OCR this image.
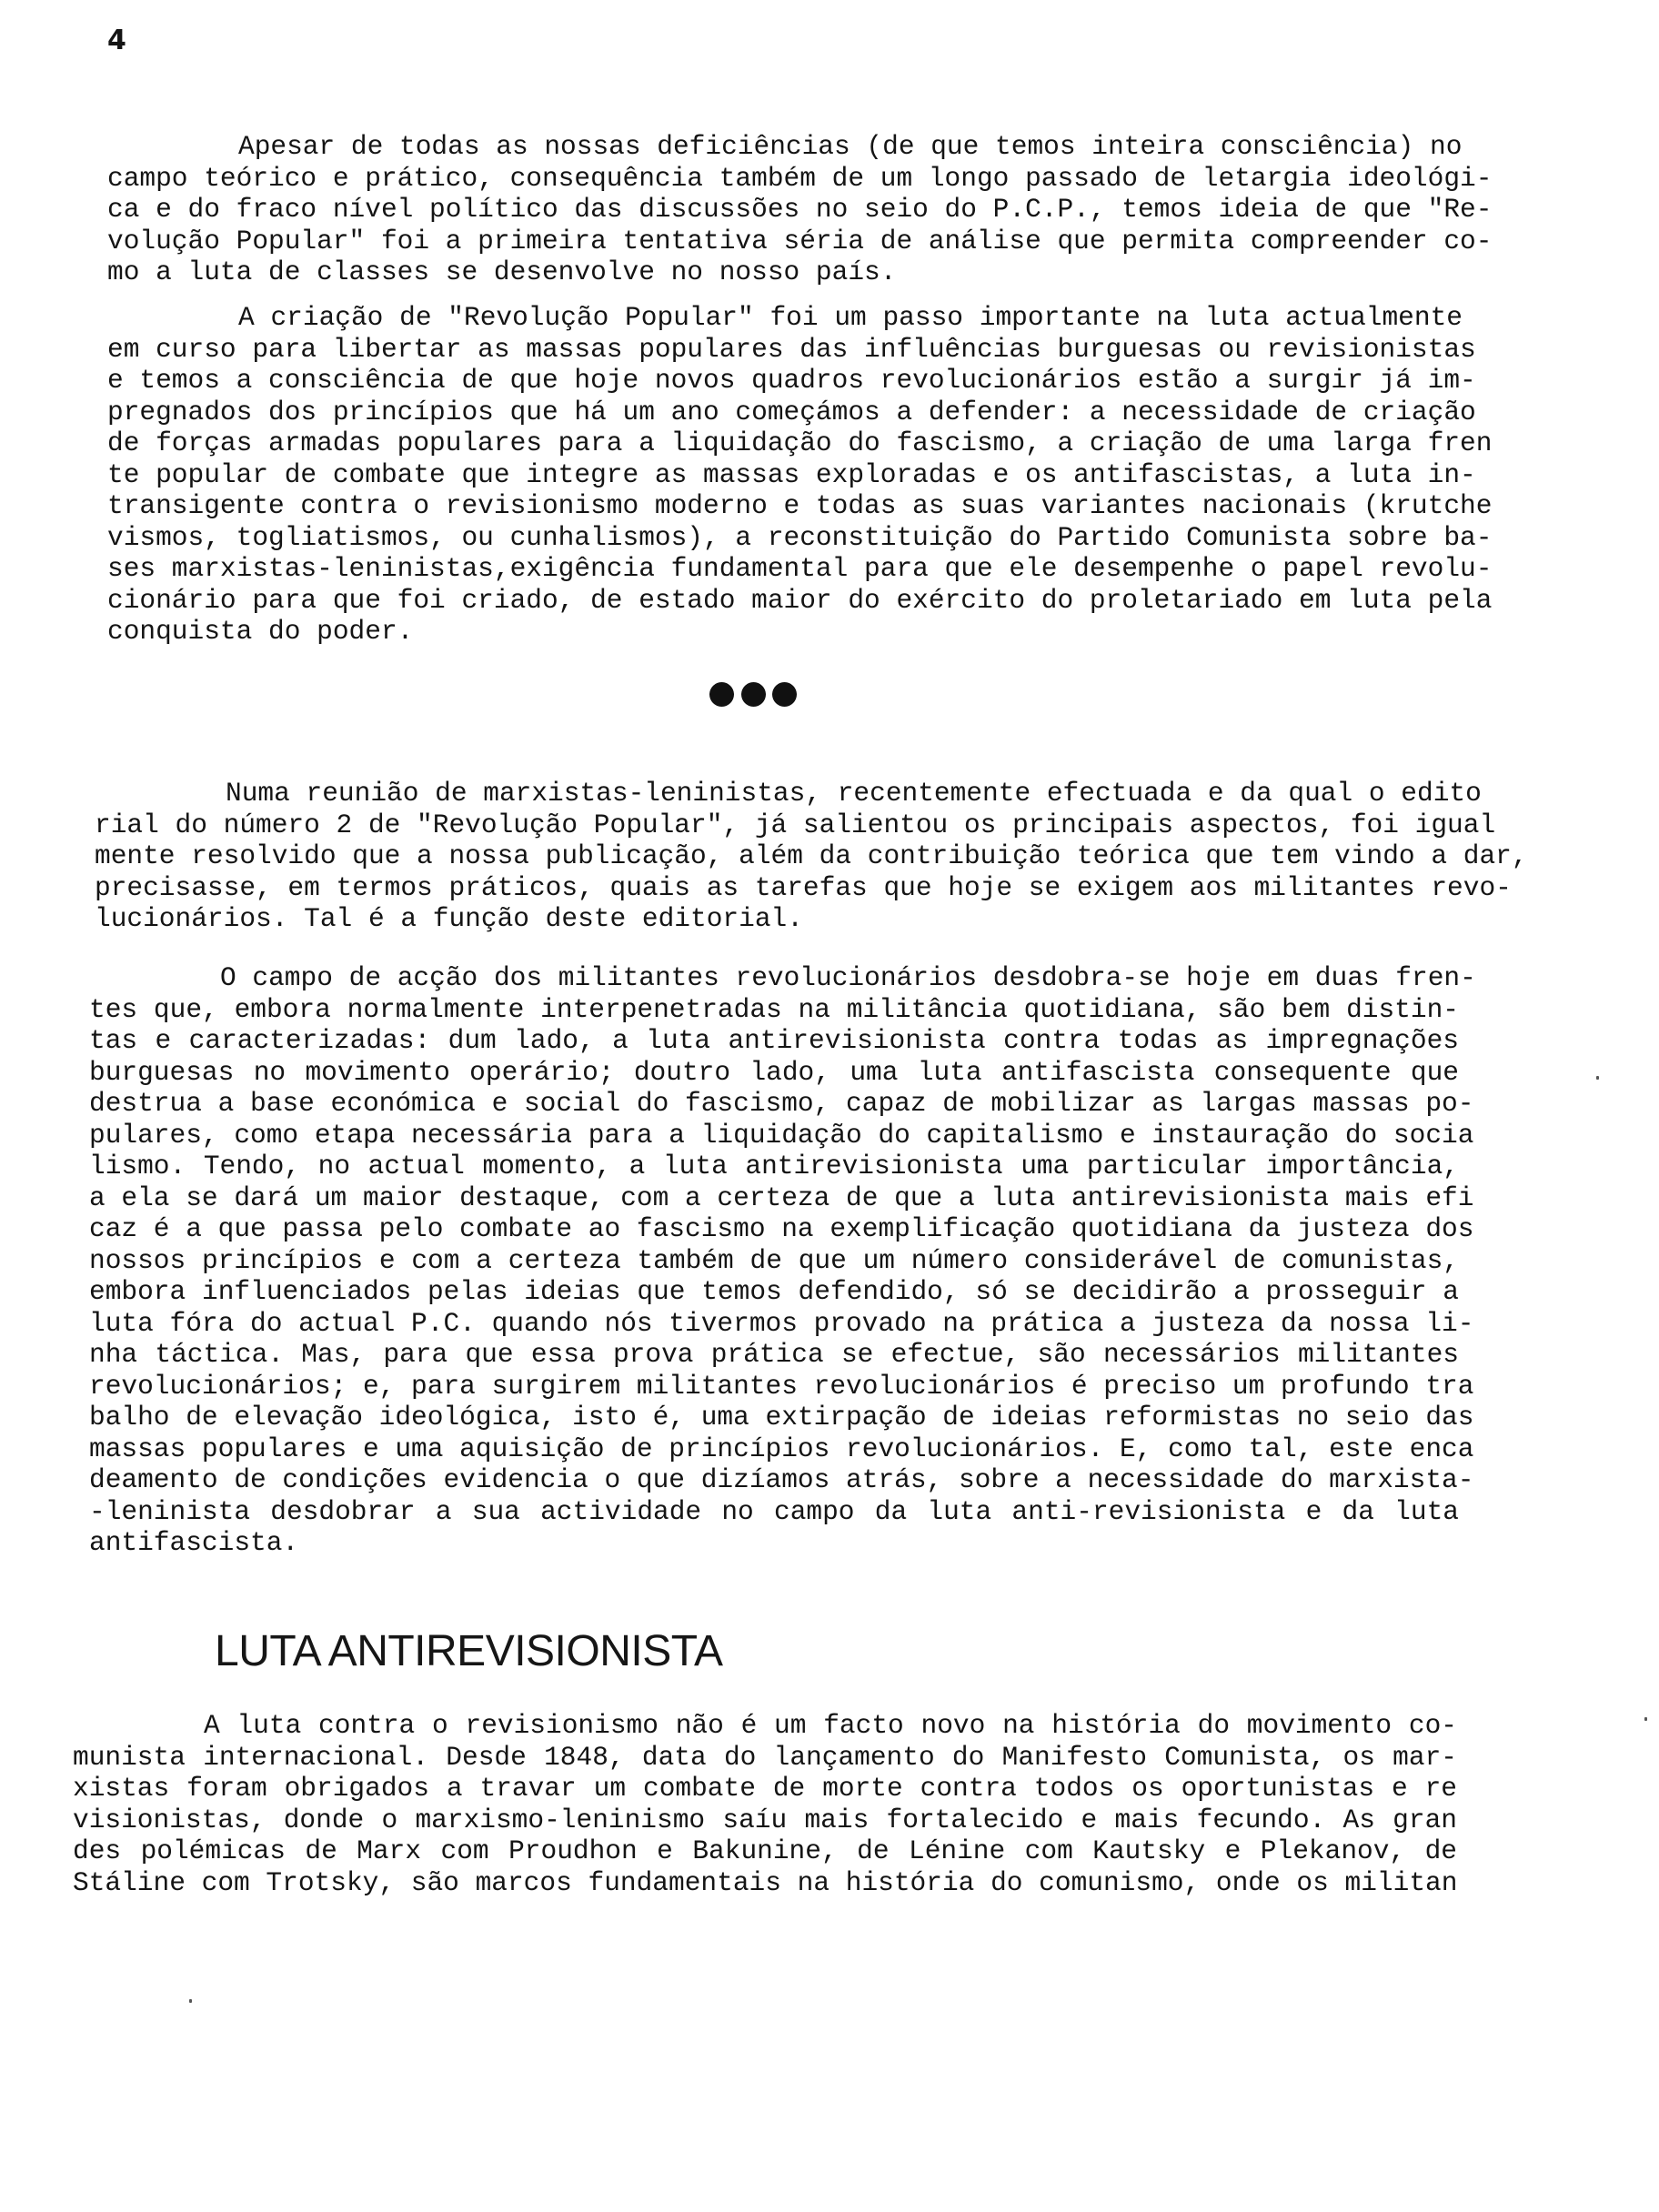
4
Apesar de todas as nossas deficiências (de que temos inteira consciência) no
campo teórico e prático, consequência também de um longo passado de letargia ideológi-
ca e do fraco nível político das discussões no seio do P.C.P., temos ideia de que "Re-
volução Popular" foi a primeira tentativa séria de análise que permita compreender co-
mo a luta de classes se desenvolve no nosso país.
A criação de "Revolução Popular" foi um passo importante na luta actualmente
em curso para libertar as massas populares das influências burguesas ou revisionistas
e temos a consciência de que hoje novos quadros revolucionários estão a surgir já im-
pregnados dos princípios que há um ano começámos a defender: a necessidade de criação
de forças armadas populares para a liquidação do fascismo, a criação de uma larga fren
te popular de combate que integre as massas exploradas e os antifascistas, a luta in-
transigente contra o revisionismo moderno e todas as suas variantes nacionais (krutche
vismos, togliatismos, ou cunhalismos), a reconstituição do Partido Comunista sobre ba-
ses marxistas-leninistas,exigência fundamental para que ele desempenhe o papel revolu-
cionário para que foi criado, de estado maior do exército do proletariado em luta pela
conquista do poder.
Numa reunião de marxistas-leninistas, recentemente efectuada e da qual o edito
rial do número 2 de "Revolução Popular", já salientou os principais aspectos, foi igual
mente resolvido que a nossa publicação, além da contribuição teórica que tem vindo a dar,
precisasse, em termos práticos, quais as tarefas que hoje se exigem aos militantes revo-
lucionários. Tal é a função deste editorial.
O campo de acção dos militantes revolucionários desdobra-se hoje em duas fren-
tes que, embora normalmente interpenetradas na militância quotidiana, são bem distin-
tas e caracterizadas: dum lado, a luta antirevisionista contra todas as impregnações
burguesas no movimento operário; doutro lado, uma luta antifascista consequente que
destrua a base económica e social do fascismo, capaz de mobilizar as largas massas po-
pulares, como etapa necessária para a liquidação do capitalismo e instauração do socia
lismo. Tendo, no actual momento, a luta antirevisionista uma particular importância,
a ela se dará um maior destaque, com a certeza de que a luta antirevisionista mais efi
caz é a que passa pelo combate ao fascismo na exemplificação quotidiana da justeza dos
nossos princípios e com a certeza também de que um número considerável de comunistas,
embora influenciados pelas ideias que temos defendido, só se decidirão a prosseguir a
luta fóra do actual P.C. quando nós tivermos provado na prática a justeza da nossa li-
nha táctica. Mas, para que essa prova prática se efectue, são necessários militantes
revolucionários; e, para surgirem militantes revolucionários é preciso um profundo tra
balho de elevação ideológica, isto é, uma extirpação de ideias reformistas no seio das
massas populares e uma aquisição de princípios revolucionários. E, como tal, este enca
deamento de condições evidencia o que dizíamos atrás, sobre a necessidade do marxista-
-leninista desdobrar a sua actividade no campo da luta anti-revisionista e da luta
antifascista.
LUTA ANTIREVISIONISTA
A luta contra o revisionismo não é um facto novo na história do movimento co-
munista internacional. Desde 1848, data do lançamento do Manifesto Comunista, os mar-
xistas foram obrigados a travar um combate de morte contra todos os oportunistas e re
visionistas, donde o marxismo-leninismo saíu mais fortalecido e mais fecundo. As gran
des polémicas de Marx com Proudhon e Bakunine, de Lénine com Kautsky e Plekanov, de
Stáline com Trotsky, são marcos fundamentais na história do comunismo, onde os militan
